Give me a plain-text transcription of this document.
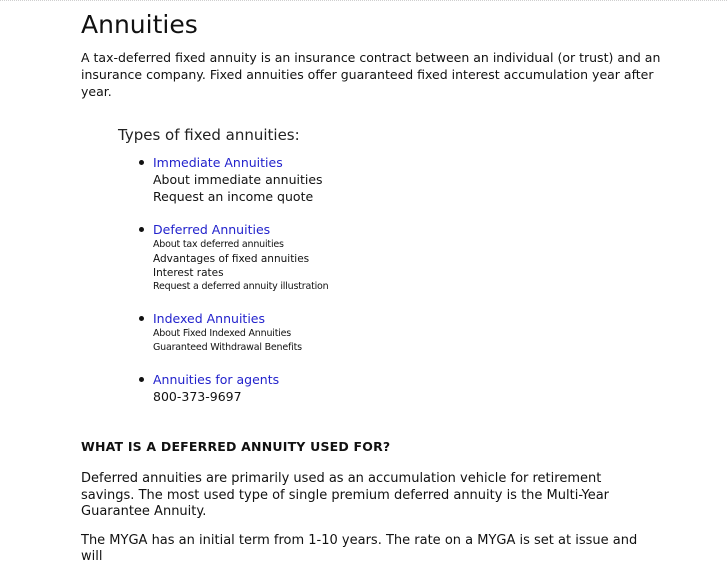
Annuities

A tax-deferred fixed annuity is an insurance contract between an individual (or trust) and an insurance company. Fixed annuities offer guaranteed fixed interest accumulation year after year.

Types of fixed annuities:
Immediate Annuities
About immediate annuities
Request an income quote
Deferred Annuities
About tax deferred annuities
Advantages of fixed annuities
Interest rates
Request a deferred annuity illustration
Indexed Annuities
About Fixed Indexed Annuities
Guaranteed Withdrawal Benefits
Annuities for agents
800-373-9697
WHAT IS A DEFERRED ANNUITY USED FOR?

Deferred annuities are primarily used as an accumulation vehicle for retirement savings. The most used type of single premium deferred annuity is the Multi-Year Guarantee Annuity.

The MYGA has an initial term from 1-10 years. The rate on a MYGA is set at issue and will
